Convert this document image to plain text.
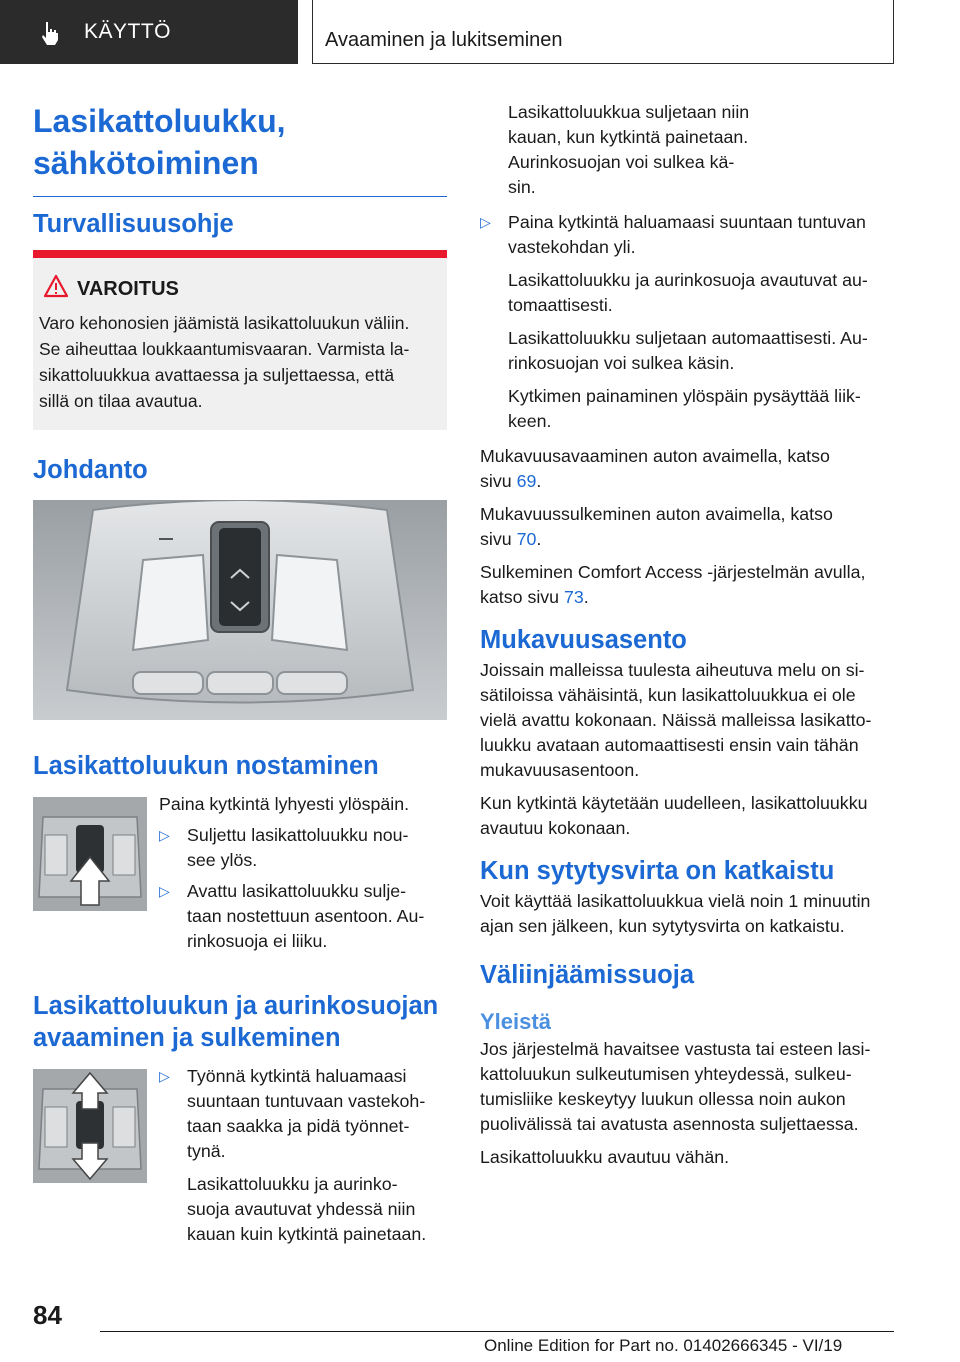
KÄYTTÖ	Avaaminen ja lukitseminen
Lasikattoluukku,
sähkötoiminen
Turvallisuusohje
VAROITUS
Varo kehonosien jäämistä lasikattoluukun väliin.
Se aiheuttaa loukkaantumisvaaran. Varmista la-
sikattoluukkua avattaessa ja suljettaessa, että
sillä on tilaa avautua.
Johdanto
Lasikattoluukun nostaminen

Paina kytkintä lyhyesti ylöspäin.

▷ Suljettu lasikattoluukku nou-

see ylös.

▷ Avattu lasikattoluukku sulje-

taan nostettuun asentoon. Au-

rinkosuoja ei liiku.

Lasikattoluukun ja aurinkosuojan
avaaminen ja sulkeminen
▷ Työnnä kytkintä haluamaasi

suuntaan tuntuvaan vastekoh-

taan saakka ja pidä työnnet-

tynä.

Lasikattoluukku ja aurinko-

suoja avautuvat yhdessä niin

kauan kuin kytkintä painetaan.

Lasikattoluukkua suljetaan niin

kauan, kun kytkintä painetaan.

Aurinkosuojan voi sulkea kä-

sin.

▷ Paina kytkintä haluamaasi suuntaan tuntuvan

vastekohdan yli.

Lasikattoluukku ja aurinkosuoja avautuvat au-

tomaattisesti.

Lasikattoluukku suljetaan automaattisesti. Au-

rinkosuojan voi sulkea käsin.

Kytkimen painaminen ylöspäin pysäyttää liik-

keen.

Mukavuusavaaminen auton avaimella, katso

sivu 69.

Mukavuussulkeminen auton avaimella, katso

sivu 70.

Sulkeminen Comfort Access -järjestelmän avulla,

katso sivu 73.

Mukavuusasento

Joissain malleissa tuulesta aiheutuva melu on si-

sätiloissa vähäisintä, kun lasikattoluukkua ei ole

vielä avattu kokonaan. Näissä malleissa lasikatto-

luukku avataan automaattisesti ensin vain tähän

mukavuusasentoon.

Kun kytkintä käytetään uudelleen, lasikattoluukku

avautuu kokonaan.

Kun sytytysvirta on katkaistu

Voit käyttää lasikattoluukkua vielä noin 1 minuutin

ajan sen jälkeen, kun sytytysvirta on katkaistu.

Väliinjäämissuoja
Yleistä

Jos järjestelmä havaitsee vastusta tai esteen lasi-

kattoluukun sulkeutumisen yhteydessä, sulkeu-

tumisliike keskeytyy luukun ollessa noin aukon

puolivälissä tai avatusta asennosta suljettaessa.

Lasikattoluukku avautuu vähän.

84
Online Edition for Part no. 01402666345 - VI/19
